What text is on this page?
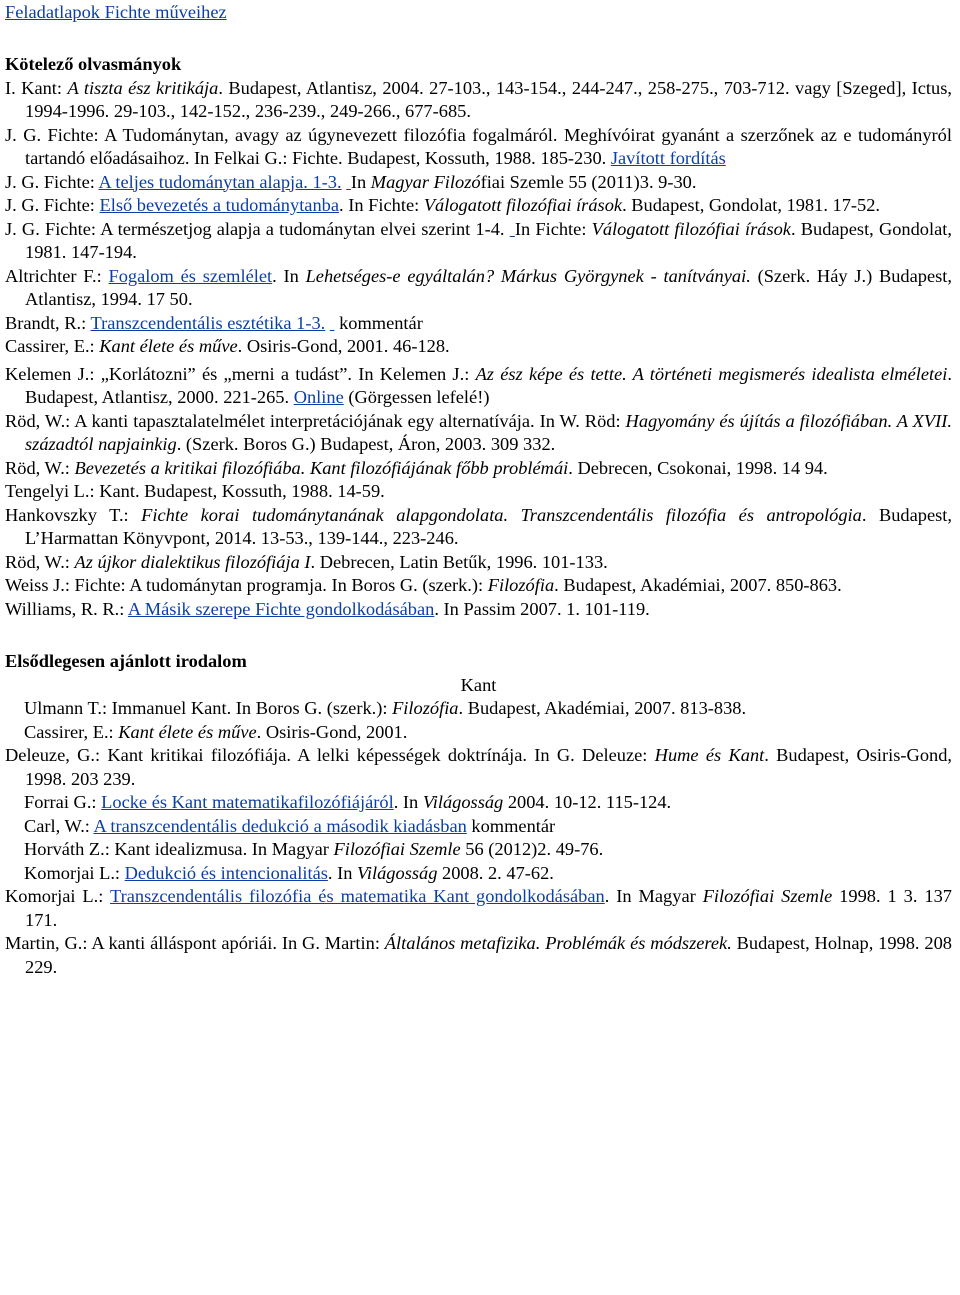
Feladatlapok Fichte műveihez

Kötelező olvasmányok

I. Kant: A tiszta ész kritikája. Budapest, Atlantisz, 2004. 27-103., 143-154., 244-247., 258-275., 703-712. vagy [Szeged], Ictus, 1994-1996. 29-103., 142-152., 236-239., 249-266., 677-685.

J. G. Fichte: A Tudománytan, avagy az úgynevezett filozófia fogalmáról. Meghívóirat gyanánt a szerzőnek az e tudományról tartandó előadásaihoz. In Felkai G.: Fichte. Budapest, Kossuth, 1988. 185-230. Javított fordítás

J. G. Fichte: A teljes tudománytan alapja. 1-3. In Magyar Filozófiai Szemle 55 (2011)3. 9-30.

J. G. Fichte: Első bevezetés a tudománytanba. In Fichte: Válogatott filozófiai írások. Budapest, Gondolat, 1981. 17-52.

J. G. Fichte: A természetjog alapja a tudománytan elvei szerint 1-4.  In Fichte: Válogatott filozófiai írások. Budapest, Gondolat, 1981. 147-194.

Altrichter F.: Fogalom és szemlélet. In Lehetséges-e egyáltalán? Márkus Györgynek - tanítványai. (Szerk. Háy J.) Budapest, Atlantisz, 1994. 17 50.

Brandt, R.: Transzcendentális esztétika 1-3.   kommentár

Cassirer, E.: Kant élete és műve. Osiris-Gond, 2001. 46-128.

Kelemen J.: „Korlátozni” és „merni a tudást”. In Kelemen J.: Az ész képe és tette. A történeti megismerés idealista elméletei. Budapest, Atlantisz, 2000. 221-265. Online (Görgessen lefelé!)

Röd, W.: A kanti tapasztalatelmélet interpretációjának egy alternatívája. In W. Röd: Hagyomány és újítás a filozófiában. A XVII. századtól napjainkig. (Szerk. Boros G.) Budapest, Áron, 2003. 309 332.

Röd, W.: Bevezetés a kritikai filozófiába. Kant filozófiájának főbb problémái. Debrecen, Csokonai, 1998. 14 94.

Tengelyi L.: Kant. Budapest, Kossuth, 1988. 14-59.

Hankovszky T.: Fichte korai tudománytanának alapgondolata. Transzcendentális filozófia és antropológia. Budapest, L’Harmattan Könyvpont, 2014. 13-53., 139-144., 223-246.

Röd, W.: Az újkor dialektikus filozófiája I. Debrecen, Latin Betűk, 1996. 101-133.

Weiss J.: Fichte: A tudománytan programja. In Boros G. (szerk.): Filozófia. Budapest, Akadémiai, 2007. 850-863.

Williams, R. R.: A Másik szerepe Fichte gondolkodásában. In Passim 2007. 1. 101-119.

Elsődlegesen ajánlott irodalom

Kant

Ulmann T.: Immanuel Kant. In Boros G. (szerk.): Filozófia. Budapest, Akadémiai, 2007. 813-838.

Cassirer, E.: Kant élete és műve. Osiris-Gond, 2001.

Deleuze, G.: Kant kritikai filozófiája. A lelki képességek doktrínája. In G. Deleuze: Hume és Kant. Budapest, Osiris-Gond, 1998. 203 239.

Forrai G.: Locke és Kant matematikafilozófiájáról. In Világosság 2004. 10-12. 115-124.

Carl, W.: A transzcendentális dedukció a második kiadásban kommentár

Horváth Z.: Kant idealizmusa. In Magyar Filozófiai Szemle 56 (2012)2. 49-76.

Komorjai L.: Dedukció és intencionalitás. In Világosság 2008. 2. 47-62.

Komorjai L.: Transzcendentális filozófia és matematika Kant gondolkodásában. In Magyar Filozófiai Szemle 1998. 1 3. 137 171.

Martin, G.: A kanti álláspont apóriái. In G. Martin: Általános metafizika. Problémák és módszerek. Budapest, Holnap, 1998. 208 229.
